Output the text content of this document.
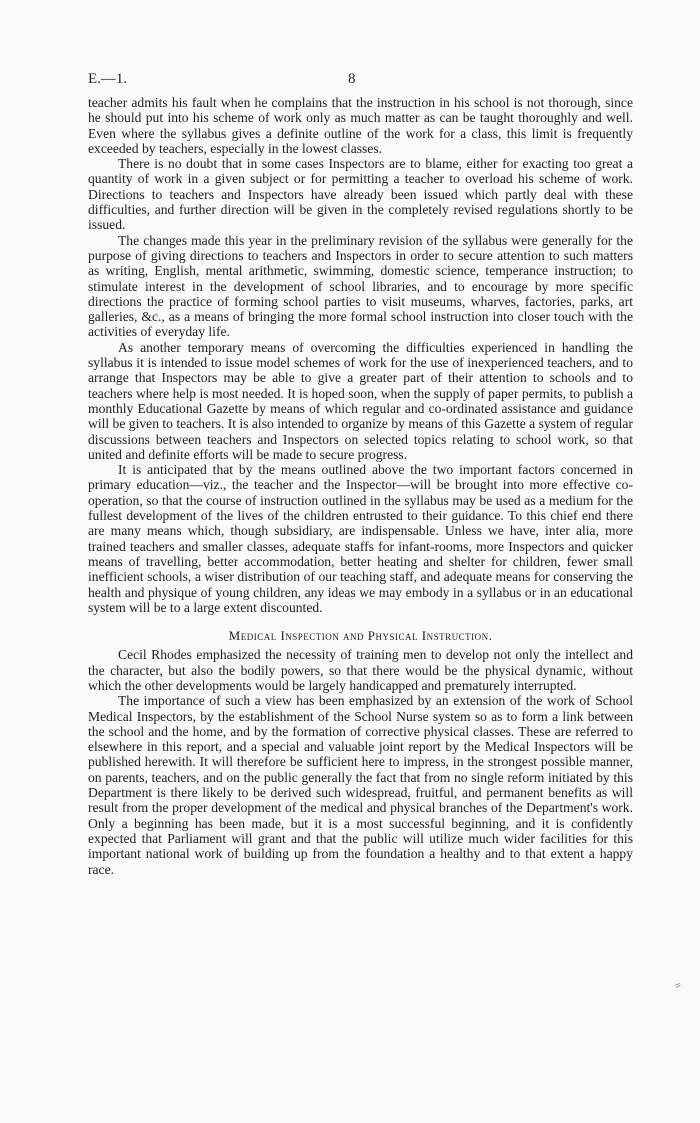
E.—1.	8

teacher admits his fault when he complains that the instruction in his school is not thorough, since he should put into his scheme of work only as much matter as can be taught thoroughly and well. Even where the syllabus gives a definite outline of the work for a class, this limit is frequently exceeded by teachers, especially in the lowest classes.

There is no doubt that in some cases Inspectors are to blame, either for exacting too great a quantity of work in a given subject or for permitting a teacher to overload his scheme of work. Directions to teachers and Inspectors have already been issued which partly deal with these difficulties, and further direction will be given in the completely revised regulations shortly to be issued.

The changes made this year in the preliminary revision of the syllabus were generally for the purpose of giving directions to teachers and Inspectors in order to secure attention to such matters as writing, English, mental arithmetic, swimming, domestic science, temperance instruction; to stimulate interest in the development of school libraries, and to encourage by more specific directions the practice of forming school parties to visit museums, wharves, factories, parks, art galleries, &c., as a means of bringing the more formal school instruction into closer touch with the activities of everyday life.

As another temporary means of overcoming the difficulties experienced in handling the syllabus it is intended to issue model schemes of work for the use of inexperienced teachers, and to arrange that Inspectors may be able to give a greater part of their attention to schools and to teachers where help is most needed. It is hoped soon, when the supply of paper permits, to publish a monthly Educational Gazette by means of which regular and co-ordinated assistance and guidance will be given to teachers. It is also intended to organize by means of this Gazette a system of regular discussions between teachers and Inspectors on selected topics relating to school work, so that united and definite efforts will be made to secure progress.

It is anticipated that by the means outlined above the two important factors concerned in primary education—viz., the teacher and the Inspector—will be brought into more effective co-operation, so that the course of instruction outlined in the syllabus may be used as a medium for the fullest development of the lives of the children entrusted to their guidance. To this chief end there are many means which, though subsidiary, are indispensable. Unless we have, inter alia, more trained teachers and smaller classes, adequate staffs for infant-rooms, more Inspectors and quicker means of travelling, better accommodation, better heating and shelter for children, fewer small inefficient schools, a wiser distribution of our teaching staff, and adequate means for conserving the health and physique of young children, any ideas we may embody in a syllabus or in an educational system will be to a large extent discounted.

Medical Inspection and Physical Instruction.

Cecil Rhodes emphasized the necessity of training men to develop not only the intellect and the character, but also the bodily powers, so that there would be the physical dynamic, without which the other developments would be largely handicapped and prematurely interrupted.

The importance of such a view has been emphasized by an extension of the work of School Medical Inspectors, by the establishment of the School Nurse system so as to form a link between the school and the home, and by the formation of corrective physical classes. These are referred to elsewhere in this report, and a special and valuable joint report by the Medical Inspectors will be published herewith. It will therefore be sufficient here to impress, in the strongest possible manner, on parents, teachers, and on the public generally the fact that from no single reform initiated by this Department is there likely to be derived such widespread, fruitful, and permanent benefits as will result from the proper development of the medical and physical branches of the Department's work. Only a beginning has been made, but it is a most successful beginning, and it is confidently expected that Parliament will grant and that the public will utilize much wider facilities for this important national work of building up from the foundation a healthy and to that extent a happy race.

=
